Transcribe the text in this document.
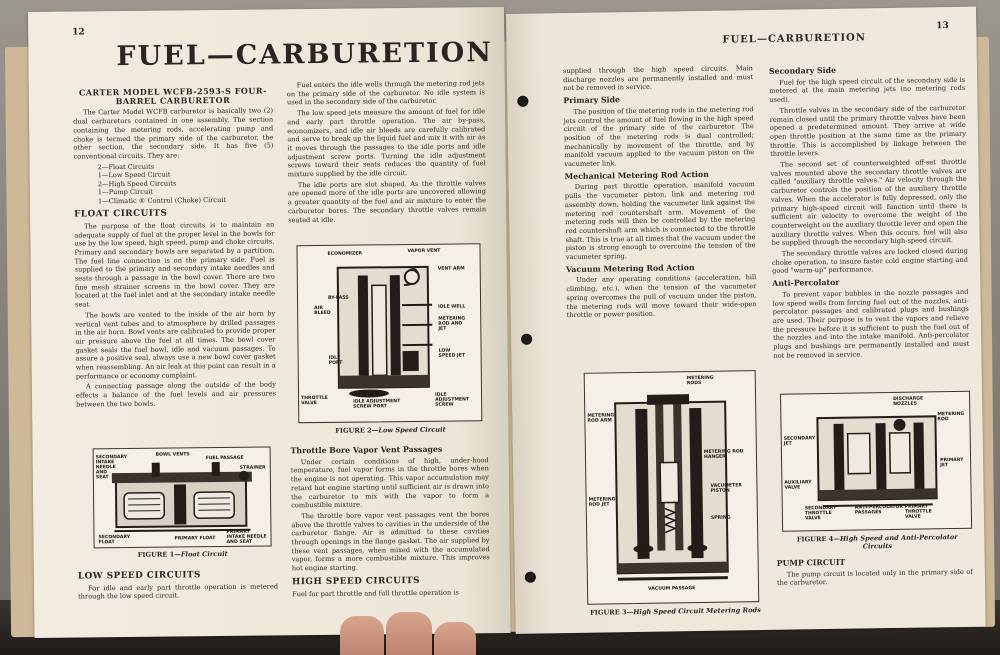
12
FUEL—CARBURETION
CARTER MODEL WCFB-2593-S FOUR-BARREL CARBURETOR

The Carter Model WCFB carburetor is basically two (2) dual carburetors contained in one assembly. The section containing the metering rods, accelerating pump and choke is termed the primary side of the carburetor, the other section, the secondary side. It has five (5) conventional circuits. They are:

2—Float Circuits
1—Low Speed Circuit
2—High Speed Circuits
1—Pump Circuit
1—Climatic ® Control (Choke) Circuit
FLOAT CIRCUITS

The purpose of the float circuits is to maintain an adequate supply of fuel at the proper level in the bowls for use by the low speed, high speed, pump and choke circuits. Primary and secondary bowls are separated by a partition. The fuel line connection is on the primary side. Fuel is supplied to the primary and secondary intake needles and seats through a passage in the bowl cover. There are two fine mesh strainer screens in the bowl cover. They are located at the fuel inlet and at the secondary intake needle seat.

The bowls are vented to the inside of the air horn by vertical vent tubes and to atmosphere by drilled passages in the air horn. Bowl vents are calibrated to provide proper air pressure above the fuel at all times. The bowl cover gasket seals the fuel bowl, idle and vacuum passages. To assure a positive seal, always use a new bowl cover gasket when reassembling. An air leak at this point can result in a performance or economy complaint.

A connecting passage along the outside of the body effects a balance of the fuel levels and air pressures between the two bowls.

SECONDARY
INTAKE
NEEDLE
AND
SEAT
BOWL VENTS
FUEL PASSAGE
STRAINER
SECONDARY
FLOAT
PRIMARY FLOAT
PRIMARY
INTAKE NEEDLE
AND SEAT
FIGURE 1—Float Circuit
LOW SPEED CIRCUITS

For idle and early part throttle operation is metered through the low speed circuit.

Fuel enters the idle wells through the metering rod jets on the primary side of the carburetor. No idle system is used in the secondary side of the carburetor.

The low speed jets measure the amount of fuel for idle and early part throttle operation. The air by-pass, economizers, and idle air bleeds are carefully calibrated and serve to break up the liquid fuel and mix it with air as it moves through the passages to the idle ports and idle adjustment screw ports. Turning the idle adjustment screws toward their seats reduces the quantity of fuel mixture supplied by the idle circuit.

The idle ports are slot shaped. As the throttle valves are opened more of the idle ports are uncovered allowing a greater quantity of the fuel and air mixture to enter the carburetor bores. The secondary throttle valves remain seated at idle.

ECONOMIZER
VAPOR VENT
VENT ARM
BY-PASS
AIR
BLEED
IDLE
PORT
IDLE WELL
METERING
ROD AND
JET
LOW
SPEED JET
THROTTLE
VALVE	IDLE ADJUSTMENT
SCREW PORT
IDLE
ADJUSTMENT
SCREW
FIGURE 2—Low Speed Circuit
Throttle Bore Vapor Vent Passages

Under certain conditions of high, under-hood temperature, fuel vapor forms in the throttle bores when the engine is not operating. This vapor accumulation may retard hot engine starting until sufficient air is drawn into the carburetor to mix with the vapor to form a combustible mixture.

The throttle bore vapor vent passages vent the bores above the throttle valves to cavities in the underside of the carburetor flange. Air is admitted to these cavities through openings in the flange gasket. The air supplied by these vent passages, when mixed with the accumulated vapor, forms a more combustible mixture. This improves hot engine starting.

HIGH SPEED CIRCUITS

Fuel for part throttle and full throttle operation is

FUEL—CARBURETION
13

supplied through the high speed circuits. Main discharge nozzles are permanently installed and must not be removed in service.

Primary Side

The position of the metering rods in the metering rod jets control the amount of fuel flowing in the high speed circuit of the primary side of the carburetor. The position of the metering rods is dual controlled; mechanically by movement of the throttle, and by manifold vacuum applied to the vacuum piston on the vacumeter link.

Mechanical Metering Rod Action

During part throttle operation, manifold vacuum pulls the vacumeter piston, link and metering rod assembly down, holding the vacumeter link against the metering rod countershaft arm. Movement of the metering rods will then be controlled by the metering rod countershaft arm which is connected to the throttle shaft. This is true at all times that the vacuum under the piston is strong enough to overcome the tension of the vacumeter spring.

Vacuum Metering Rod Action

Under any operating conditions (acceleration, hill climbing, etc.), when the tension of the vacumeter spring overcomes the pull of vacuum under the piston, the metering rods will move toward their wide-open throttle or power position.

METERING
RODS
METERING
ROD ARM
METERING ROD
HANGER
VACUMETER
PISTON
METERING
ROD JET
SPRING
VACUUM PASSAGE
FIGURE 3—High Speed Circuit Metering Rods
Secondary Side

Fuel for the high speed circuit of the secondary side is metered at the main metering jets (no metering rods used).

Throttle valves in the secondary side of the carburetor remain closed until the primary throttle valves have been opened a predetermined amount. They arrive at wide open throttle position at the same time as the primary throttle. This is accomplished by linkage between the throttle levers.

The second set of counterweighted off-set throttle valves mounted above the secondary throttle valves are called "auxiliary throttle valves." Air velocity through the carburetor controls the position of the auxiliary throttle valves. When the accelerator is fully depressed, only the primary high-speed circuit will function until there is sufficient air velocity to overcome the weight of the counterweight on the auxiliary throttle lever and open the auxiliary throttle valves. When this occurs, fuel will also be supplied through the secondary high-speed circuit.

The secondary throttle valves are locked closed during choke operation, to insure faster cold engine starting and good "warm-up" performance.

Anti-Percolator

To prevent vapor bubbles in the nozzle passages and low speed wells from forcing fuel out of the nozzles, anti-percolator passages and calibrated plugs and bushings are used. Their purpose is to vent the vapors and relieve the pressure before it is sufficient to push the fuel out of the nozzles and into the intake manifold. Anti-percolator plugs and bushings are permanently installed and must not be removed in service.

DISCHARGE
NOZZLES
METERING
ROD
SECONDARY
JET
AUXILIARY
VALVE
SECONDARY
THROTTLE
VALVE
ANTI-PERCOLATOR
PASSAGES
PRIMARY
THROTTLE
VALVE
PRIMARY
JET
FIGURE 4—High Speed and Anti-Percolator Circuits
PUMP CIRCUIT

The pump circuit is located only in the primary side of the carburetor.
